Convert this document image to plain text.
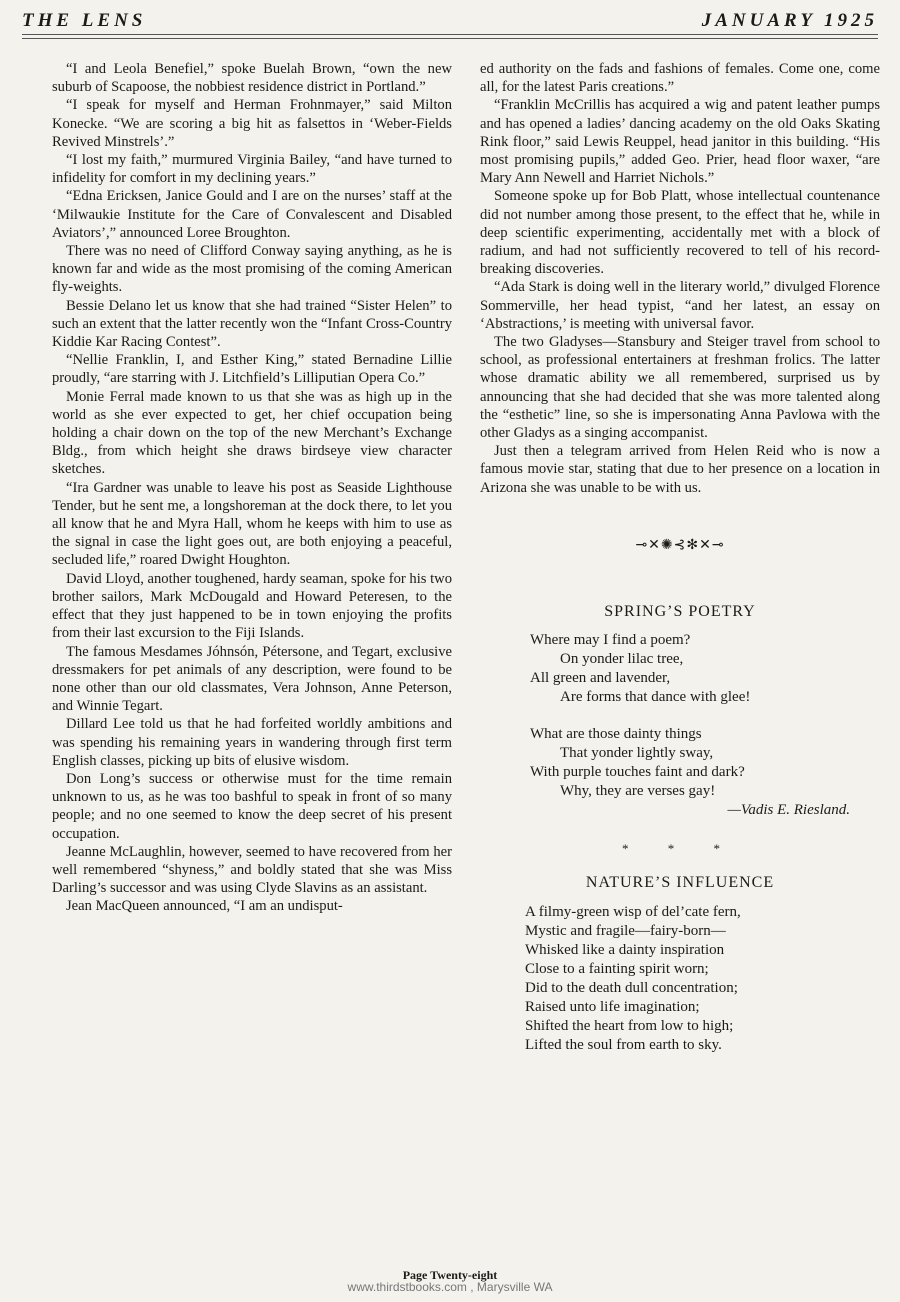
THE LENS	JANUARY 1925

“I and Leola Benefiel,” spoke Buelah Brown, “own the new suburb of Scapoose, the nobbiest residence district in Portland.”

“I speak for myself and Herman Frohnmayer,” said Milton Konecke. “We are scoring a big hit as falsettos in ‘Weber-Fields Revived Minstrels’.”

“I lost my faith,” murmured Virginia Bailey, “and have turned to infidelity for comfort in my declining years.”

“Edna Ericksen, Janice Gould and I are on the nurses’ staff at the ‘Milwaukie Institute for the Care of Convalescent and Disabled Aviators’,” announced Loree Broughton.

There was no need of Clifford Conway saying anything, as he is known far and wide as the most promising of the coming American fly-weights.

Bessie Delano let us know that she had trained “Sister Helen” to such an extent that the latter recently won the “Infant Cross-Country Kiddie Kar Racing Contest”.

“Nellie Franklin, I, and Esther King,” stated Bernadine Lillie proudly, “are starring with J. Litchfield’s Lilliputian Opera Co.”

Monie Ferral made known to us that she was as high up in the world as she ever expected to get, her chief occupation being holding a chair down on the top of the new Merchant’s Exchange Bldg., from which height she draws birdseye view character sketches.

“Ira Gardner was unable to leave his post as Seaside Lighthouse Tender, but he sent me, a longshoreman at the dock there, to let you all know that he and Myra Hall, whom he keeps with him to use as the signal in case the light goes out, are both enjoying a peaceful, secluded life,” roared Dwight Houghton.

David Lloyd, another toughened, hardy seaman, spoke for his two brother sailors, Mark McDougald and Howard Peteresen, to the effect that they just happened to be in town enjoying the profits from their last excursion to the Fiji Islands.

The famous Mesdames Jóhnsón, Pétersone, and Tegart, exclusive dressmakers for pet animals of any description, were found to be none other than our old classmates, Vera Johnson, Anne Peterson, and Winnie Tegart.

Dillard Lee told us that he had forfeited worldly ambitions and was spending his remaining years in wandering through first term English classes, picking up bits of elusive wisdom.

Don Long’s success or otherwise must for the time remain unknown to us, as he was too bashful to speak in front of so many people; and no one seemed to know the deep secret of his present occupation.

Jeanne McLaughlin, however, seemed to have recovered from her well remembered “shyness,” and boldly stated that she was Miss Darling’s successor and was using Clyde Slavins as an assistant.

Jean MacQueen announced, “I am an undisput-

ed authority on the fads and fashions of females. Come one, come all, for the latest Paris creations.”

“Franklin McCrillis has acquired a wig and patent leather pumps and has opened a ladies’ dancing academy on the old Oaks Skating Rink floor,” said Lewis Reuppel, head janitor in this building. “His most promising pupils,” added Geo. Prier, head floor waxer, “are Mary Ann Newell and Harriet Nichols.”

Someone spoke up for Bob Platt, whose intellectual countenance did not number among those present, to the effect that he, while in deep scientific experimenting, accidentally met with a block of radium, and had not sufficiently recovered to tell of his record-breaking discoveries.

“Ada Stark is doing well in the literary world,” divulged Florence Sommerville, her head typist, “and her latest, an essay on ‘Abstractions,’ is meeting with universal favor.

The two Gladyses—Stansbury and Steiger travel from school to school, as professional entertainers at freshman frolics. The latter whose dramatic ability we all remembered, surprised us by announcing that she had decided that she was more talented along the “esthetic” line, so she is impersonating Anna Pavlowa with the other Gladys as a singing accompanist.

Just then a telegram arrived from Helen Reid who is now a famous movie star, stating that due to her presence on a location in Arizona she was unable to be with us.

⊸✕✺⊰✻✕⊸
SPRING’S POETRY
Where may I find a poem?
On yonder lilac tree,
All green and lavender,
Are forms that dance with glee!
What are those dainty things
That yonder lightly sway,
With purple touches faint and dark?
Why, they are verses gay!
—Vadis E. Riesland.
* * *
NATURE’S INFLUENCE
A filmy-green wisp of del’cate fern,
Mystic and fragile—fairy-born—
Whisked like a dainty inspiration
Close to a fainting spirit worn;
Did to the death dull concentration;
Raised unto life imagination;
Shifted the heart from low to high;
Lifted the soul from earth to sky.
Page Twenty-eight
www.thirdstbooks.com , Marysville WA
